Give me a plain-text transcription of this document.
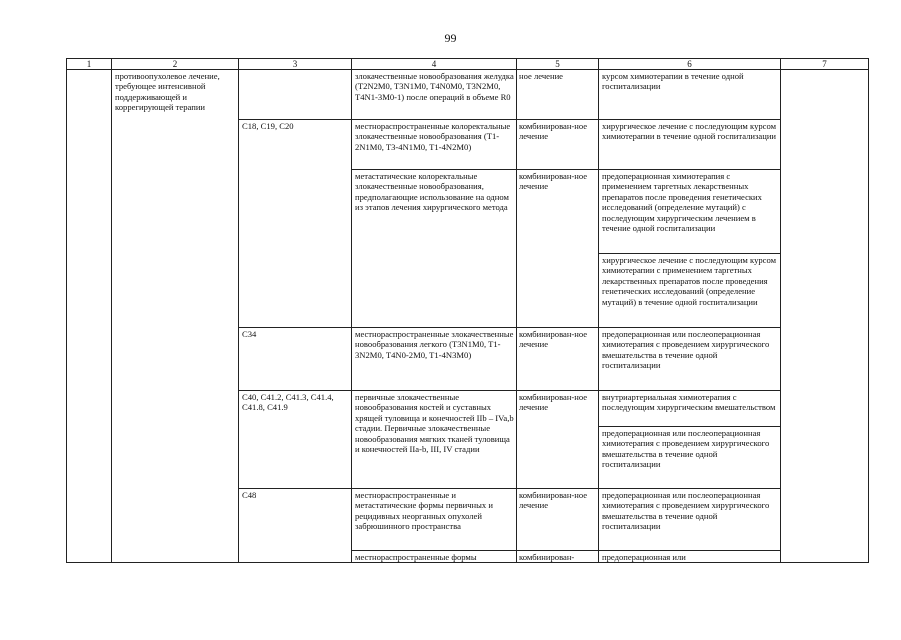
99
1	2	3	4	5	6	7
	противоопухолевое лечение, требующее интенсивной поддерживающей и коррегирующей терапии		злокачественные новообразования желудка (T2N2M0, T3N1M0, T4N0M0, T3N2M0, T4N1-3M0-1) после операций в объеме R0	ное лечение	курсом химиотерапии в течение одной госпитализации	
		C18, C19, C20	местнораспространенные колоректальные злокачественные новообразования (T1-2N1M0, T3-4N1M0, T1-4N2M0)	комбинирован-ное лечение	хирургическое лечение с последующим курсом химиотерапии в течение одной госпитализации	
			метастатические колоректальные злокачественные новообразования, предполагающие использование на одном из этапов лечения хирургического метода	комбинирован-ное лечение	предоперационная химиотерапия с применением таргетных лекарственных препаратов после проведения генетических исследований (определение мутаций) с последующим хирургическим лечением в течение одной госпитализации	
					хирургическое лечение с последующим курсом химиотерапии с применением таргетных лекарственных препаратов после проведения генетических исследований (определение мутаций) в течение одной госпитализации	
		C34	местнораспространенные злокачественные новообразования легкого (T3N1M0, T1-3N2M0, T4N0-2M0, T1-4N3M0)	комбинирован-ное лечение	предоперационная или послеоперационная химиотерапия с проведением хирургического вмешательства в течение одной госпитализации	
		C40, C41.2, C41.3, C41.4, C41.8, C41.9	первичные злокачественные новообразования костей и суставных хрящей туловища и конечностей IIb – IVa,b стадии. Первичные злокачественные новообразования мягких тканей туловища и конечностей IIa-b, III, IV стадии	комбинирован-ное лечение	внутриартериальная химиотерапия с последующим хирургическим вмешательством	
					предоперационная или послеоперационная химиотерапия с проведением хирургического вмешательства в течение одной госпитализации	
		C48	местнораспространенные и метастатические формы первичных и рецидивных неорганных опухолей забрюшинного пространства	комбинирован-ное лечение	предоперационная или послеоперационная химиотерапия с проведением хирургического вмешательства в течение одной госпитализации	
			местнораспространенные формы	комбинирован-	предоперационная или	
